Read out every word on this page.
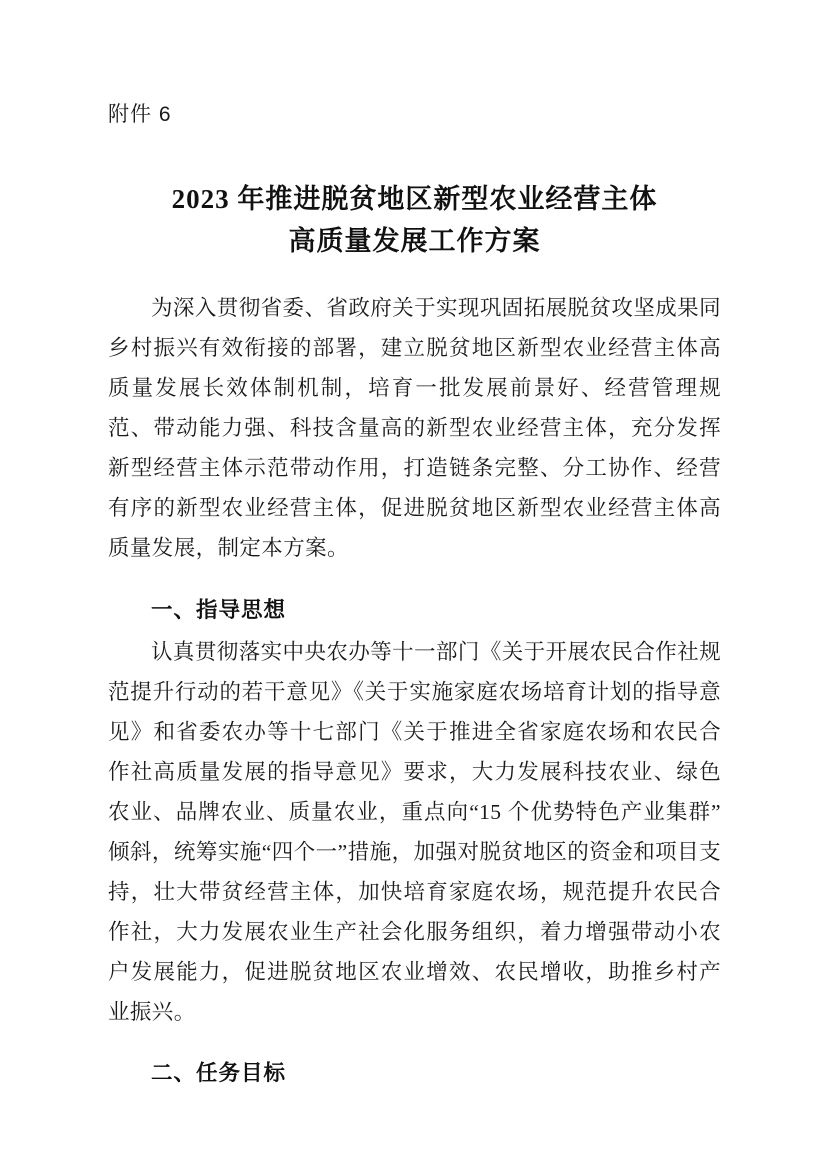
附件 6
2023 年推进脱贫地区新型农业经营主体
高质量发展工作方案

为深入贯彻省委、省政府关于实现巩固拓展脱贫攻坚成果同乡村振兴有效衔接的部署，建立脱贫地区新型农业经营主体高质量发展长效体制机制，培育一批发展前景好、经营管理规范、带动能力强、科技含量高的新型农业经营主体，充分发挥新型经营主体示范带动作用，打造链条完整、分工协作、经营有序的新型农业经营主体，促进脱贫地区新型农业经营主体高质量发展，制定本方案。

一、指导思想

认真贯彻落实中央农办等十一部门《关于开展农民合作社规范提升行动的若干意见》《关于实施家庭农场培育计划的指导意见》和省委农办等十七部门《关于推进全省家庭农场和农民合作社高质量发展的指导意见》要求，大力发展科技农业、绿色农业、品牌农业、质量农业，重点向“15 个优势特色产业集群”倾斜，统筹实施“四个一”措施，加强对脱贫地区的资金和项目支持，壮大带贫经营主体，加快培育家庭农场，规范提升农民合作社，大力发展农业生产社会化服务组织，着力增强带动小农户发展能力，促进脱贫地区农业增效、农民增收，助推乡村产业振兴。

二、任务目标
